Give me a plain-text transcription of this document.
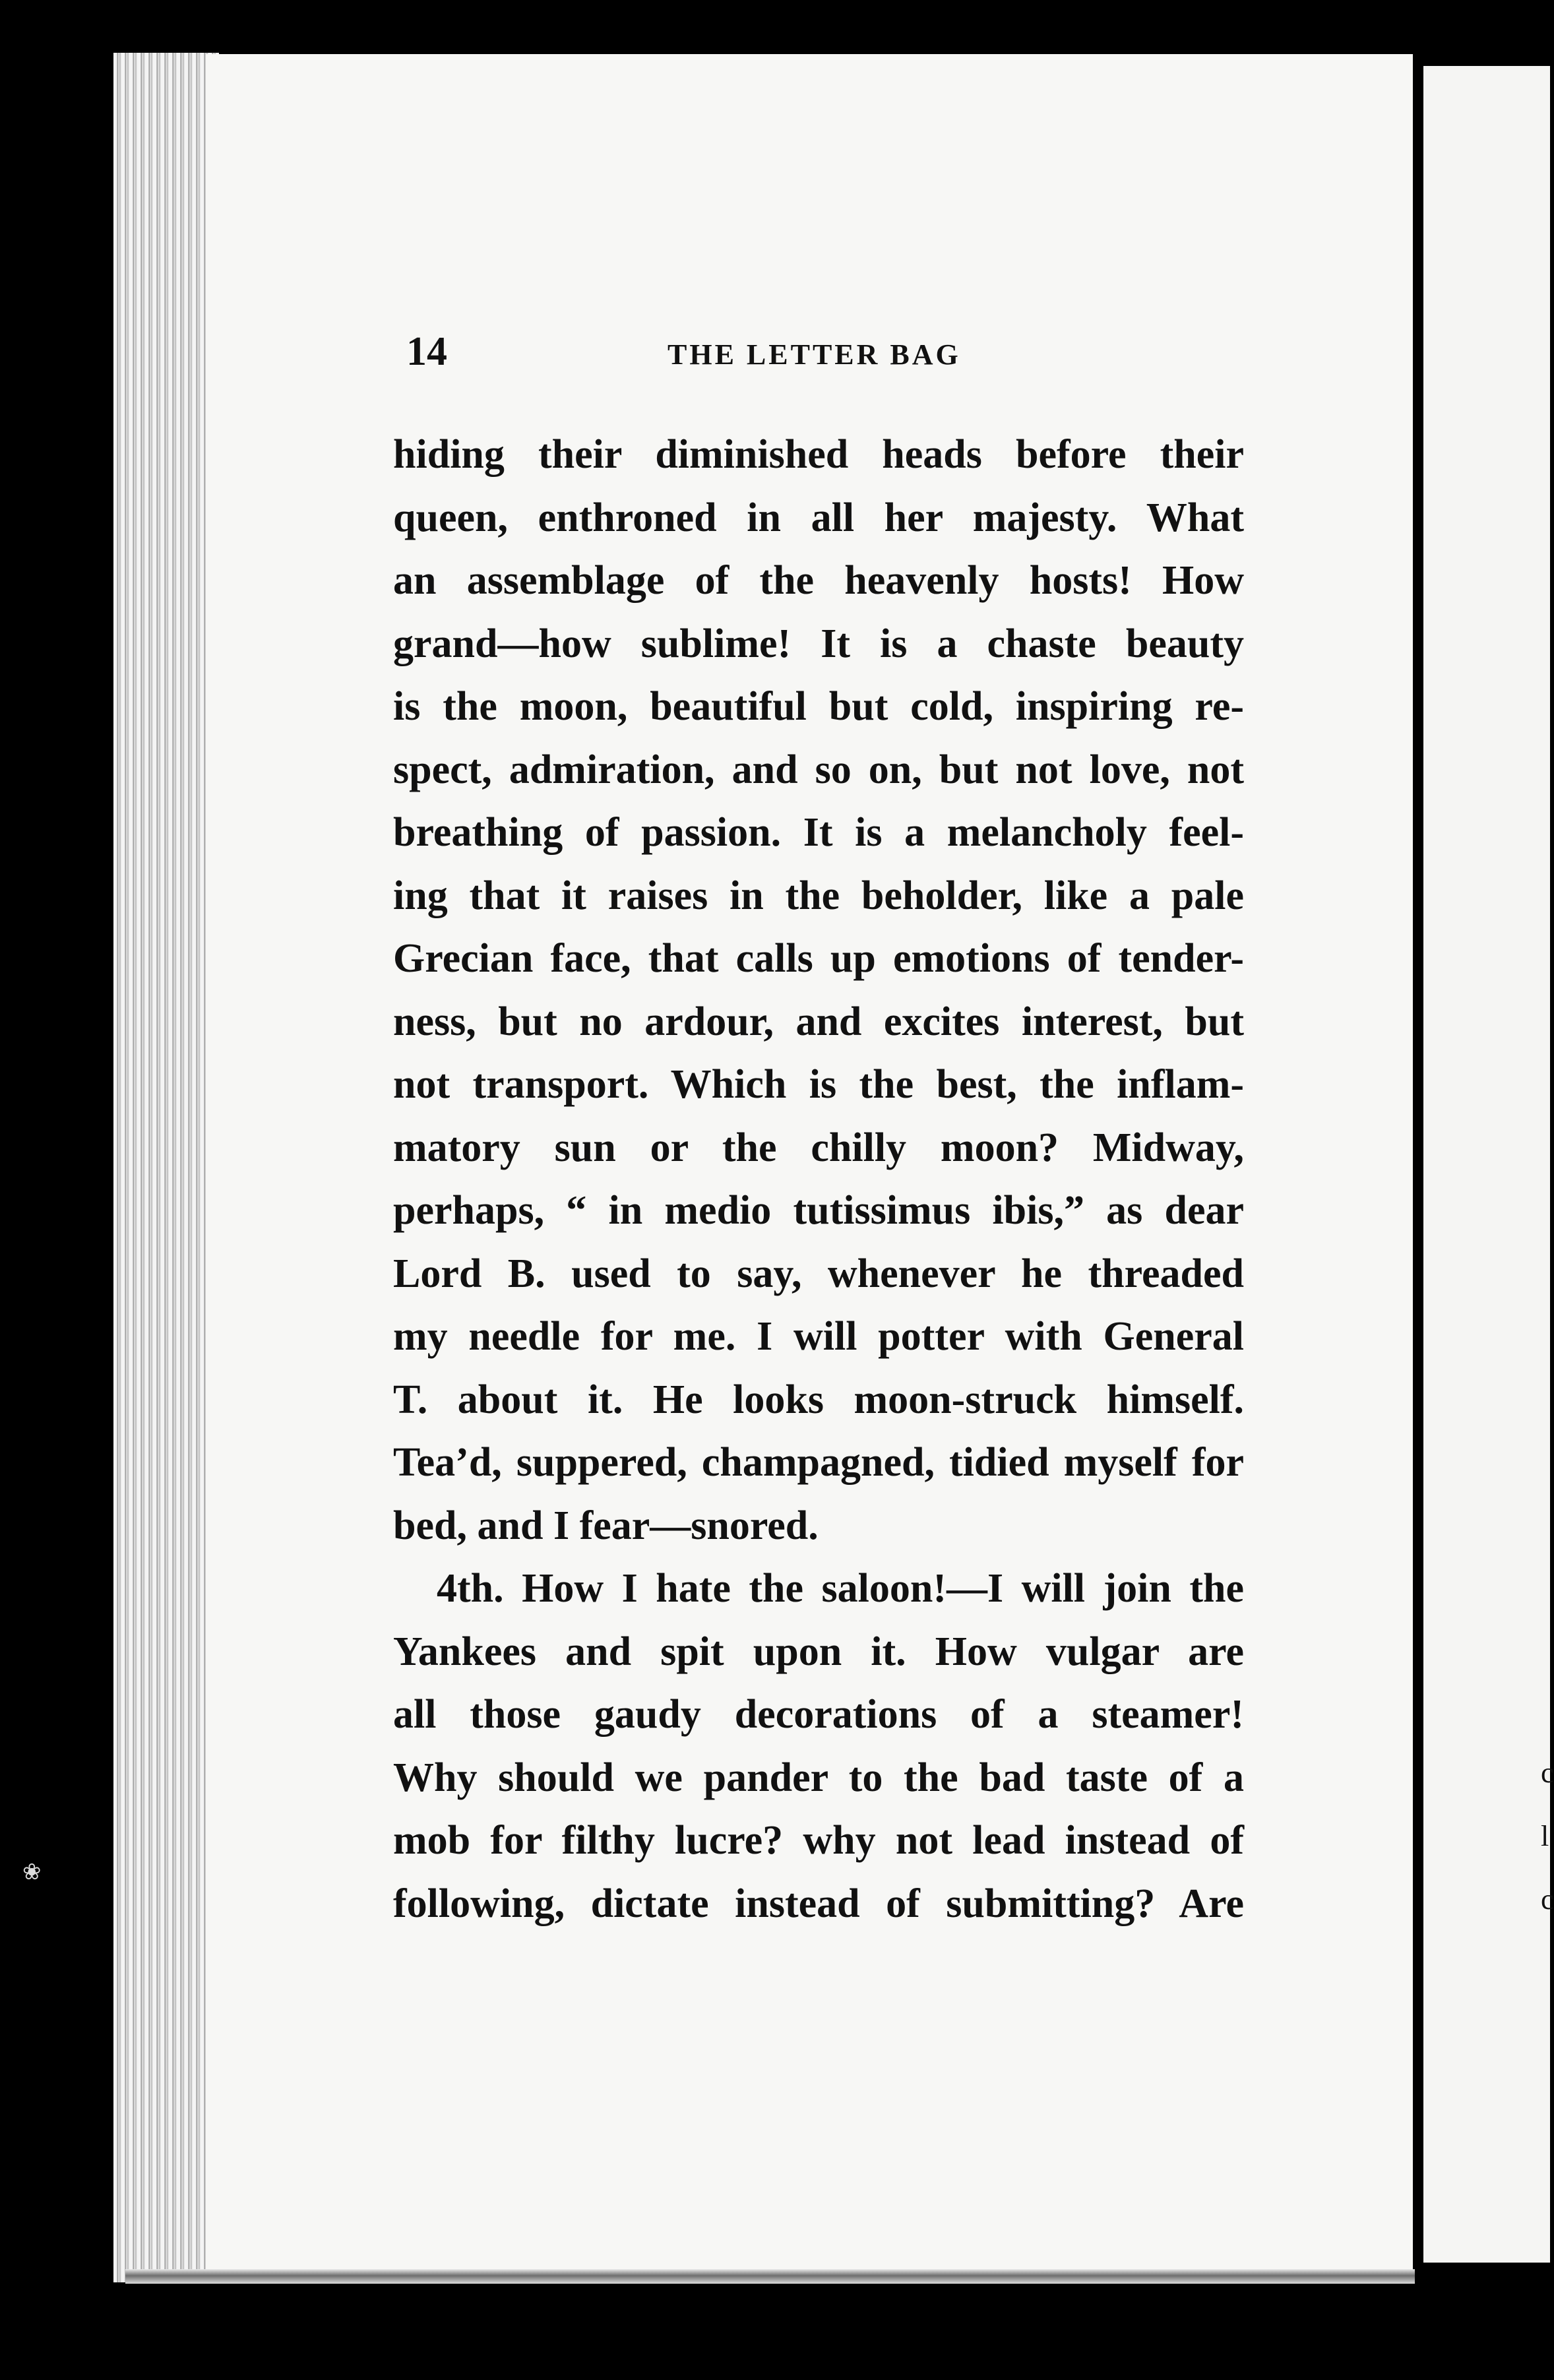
c
l
c
14	THE LETTER BAG
hiding their diminished heads before their
queen, enthroned in all her majesty. What
an assemblage of the heavenly hosts! How
grand—how sublime! It is a chaste beauty
is the moon, beautiful but cold, inspiring re-
spect, admiration, and so on, but not love, not
breathing of passion. It is a melancholy feel-
ing that it raises in the beholder, like a pale
Grecian face, that calls up emotions of tender-
ness, but no ardour, and excites interest, but
not transport. Which is the best, the inflam-
matory sun or the chilly moon? Midway,
perhaps, “ in medio tutissimus ibis,” as dear
Lord B. used to say, whenever he threaded
my needle for me. I will potter with General
T. about it. He looks moon-struck himself.
Tea’d, suppered, champagned, tidied myself for
bed, and I fear—snored.
4th. How I hate the saloon!—I will join the
Yankees and spit upon it. How vulgar are
all those gaudy decorations of a steamer!
Why should we pander to the bad taste of a
mob for filthy lucre? why not lead instead of
following, dictate instead of submitting? Are
❀
